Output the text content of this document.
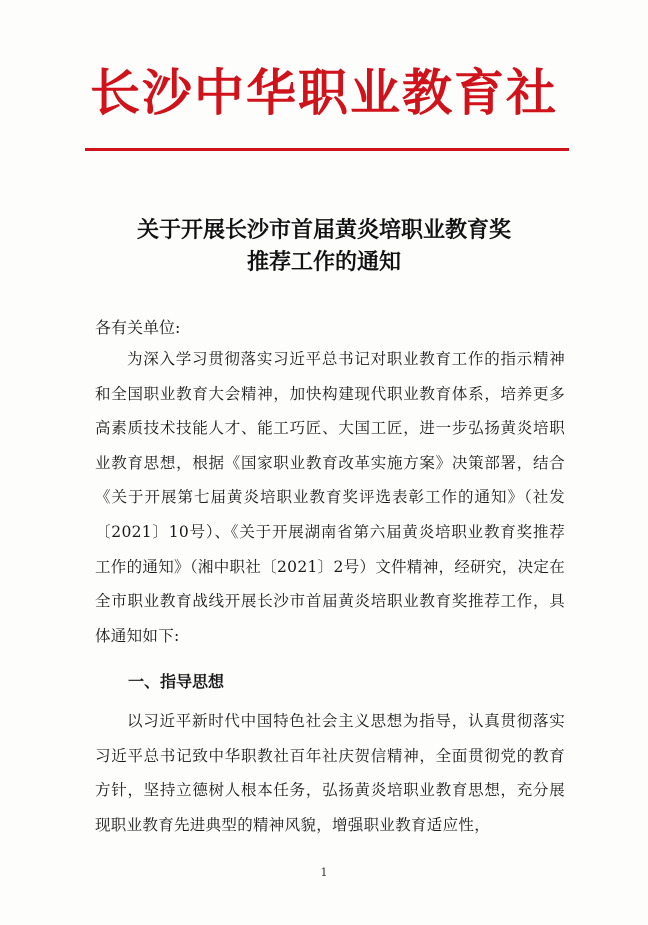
长沙中华职业教育社
关于开展长沙市首届黄炎培职业教育奖
推荐工作的通知
各有关单位:
为深入学习贯彻落实习近平总书记对职业教育工作的指示精神和全国职业教育大会精神，加快构建现代职业教育体系，培养更多高素质技术技能人才、能工巧匠、大国工匠，进一步弘扬黄炎培职业教育思想，根据《国家职业教育改革实施方案》决策部署，结合《关于开展第七届黄炎培职业教育奖评选表彰工作的通知》（社发〔2021〕10号）、《关于开展湖南省第六届黄炎培职业教育奖推荐工作的通知》（湘中职社〔2021〕2号）文件精神，经研究，决定在全市职业教育战线开展长沙市首届黄炎培职业教育奖推荐工作，具体通知如下:
一、指导思想
以习近平新时代中国特色社会主义思想为指导，认真贯彻落实习近平总书记致中华职教社百年社庆贺信精神，全面贯彻党的教育方针，坚持立德树人根本任务，弘扬黄炎培职业教育思想，充分展现职业教育先进典型的精神风貌，增强职业教育适应性，
1
